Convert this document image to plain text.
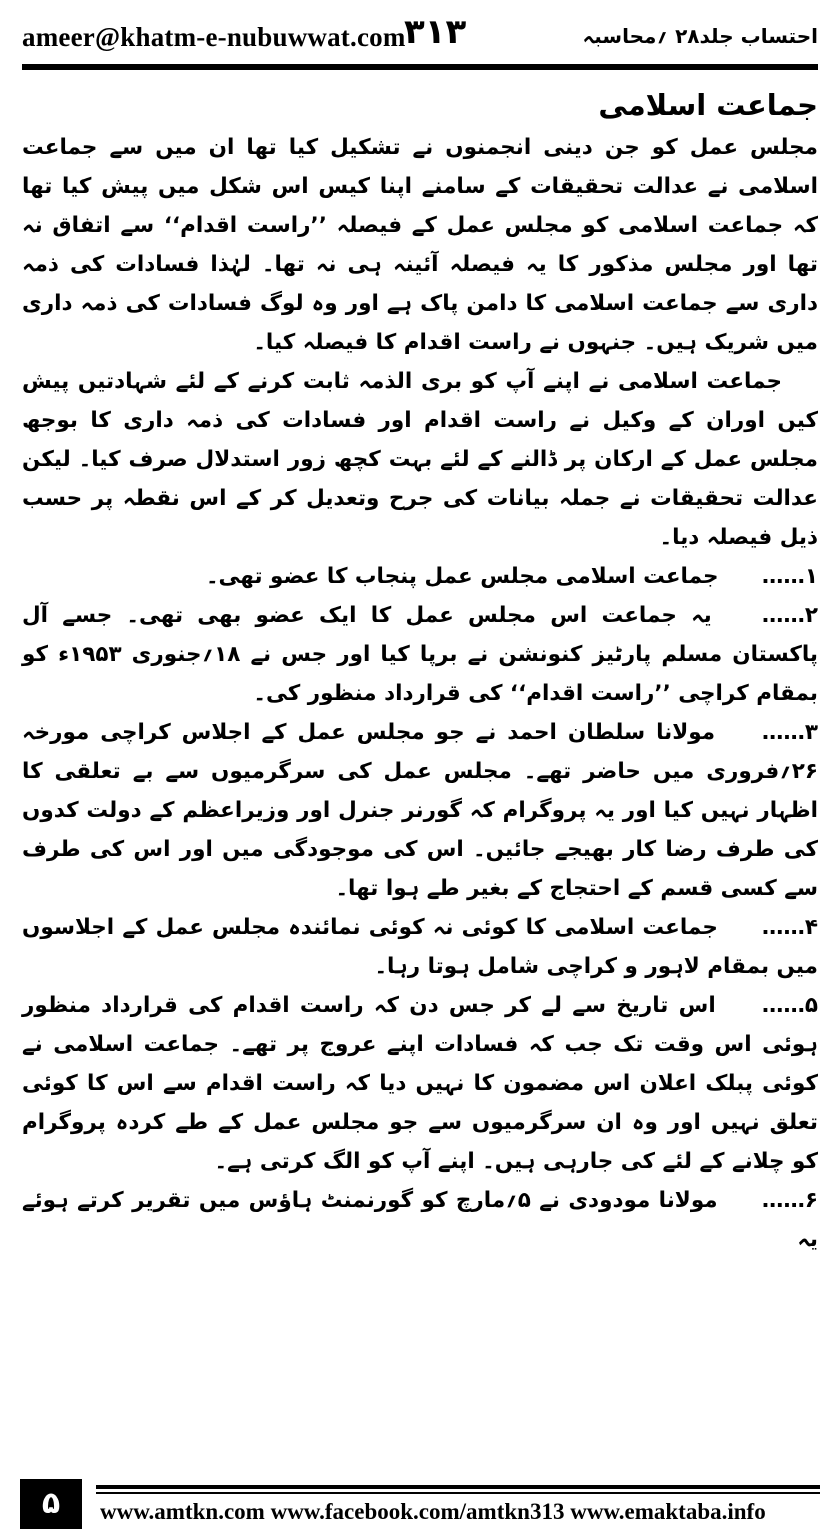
ameer@khatm-e-nubuwwat.com
۳۱۳	احتساب جلد۲۸ ؍محاسبہ
جماعت اسلامی

مجلس عمل کو جن دینی انجمنوں نے تشکیل کیا تھا ان میں سے جماعت اسلامی نے عدالت تحقیقات کے سامنے اپنا کیس اس شکل میں پیش کیا تھا کہ جماعت اسلامی کو مجلس عمل کے فیصلہ ’’راست اقدام‘‘ سے اتفاق نہ تھا اور مجلس مذکور کا یہ فیصلہ آئینہ ہی نہ تھا۔ لہٰذا فسادات کی ذمہ داری سے جماعت اسلامی کا دامن پاک ہے اور وہ لوگ فسادات کی ذمہ داری میں شریک ہیں۔ جنہوں نے راست اقدام کا فیصلہ کیا۔

جماعت اسلامی نے اپنے آپ کو بری الذمہ ثابت کرنے کے لئے شہادتیں پیش کیں اوران کے وکیل نے راست اقدام اور فسادات کی ذمہ داری کا بوجھ مجلس عمل کے ارکان پر ڈالنے کے لئے بہت کچھ زور استدلال صرف کیا۔ لیکن عدالت تحقیقات نے جملہ بیانات کی جرح وتعدیل کر کے اس نقطہ پر حسب ذیل فیصلہ دیا۔

۱…… جماعت اسلامی مجلس عمل پنجاب کا عضو تھی۔
۲…… یہ جماعت اس مجلس عمل کا ایک عضو بھی تھی۔ جسے آل پاکستان مسلم پارٹیز کنونشن نے برپا کیا اور جس نے ۱۸؍جنوری ۱۹۵۳ء کو بمقام کراچی ’’راست اقدام‘‘ کی قرارداد منظور کی۔
۳…… مولانا سلطان احمد نے جو مجلس عمل کے اجلاس کراچی مورخہ ۲۶؍فروری میں حاضر تھے۔ مجلس عمل کی سرگرمیوں سے بے تعلقی کا اظہار نہیں کیا اور یہ پروگرام کہ گورنر جنرل اور وزیراعظم کے دولت کدوں کی طرف رضا کار بھیجے جائیں۔ اس کی موجودگی میں اور اس کی طرف سے کسی قسم کے احتجاج کے بغیر طے ہوا تھا۔
۴…… جماعت اسلامی کا کوئی نہ کوئی نمائندہ مجلس عمل کے اجلاسوں میں بمقام لاہور و کراچی شامل ہوتا رہا۔
۵…… اس تاریخ سے لے کر جس دن کہ راست اقدام کی قرارداد منظور ہوئی اس وقت تک جب کہ فسادات اپنے عروج پر تھے۔ جماعت اسلامی نے کوئی پبلک اعلان اس مضمون کا نہیں دیا کہ راست اقدام سے اس کا کوئی تعلق نہیں اور وہ ان سرگرمیوں سے جو مجلس عمل کے طے کردہ پروگرام کو چلانے کے لئے کی جارہی ہیں۔ اپنے آپ کو الگ کرتی ہے۔
۶…… مولانا مودودی نے ۵؍مارچ کو گورنمنٹ ہاؤس میں تقریر کرتے ہوئے یہ
۵	www.amtkn.com www.facebook.com/amtkn313 www.emaktaba.info
